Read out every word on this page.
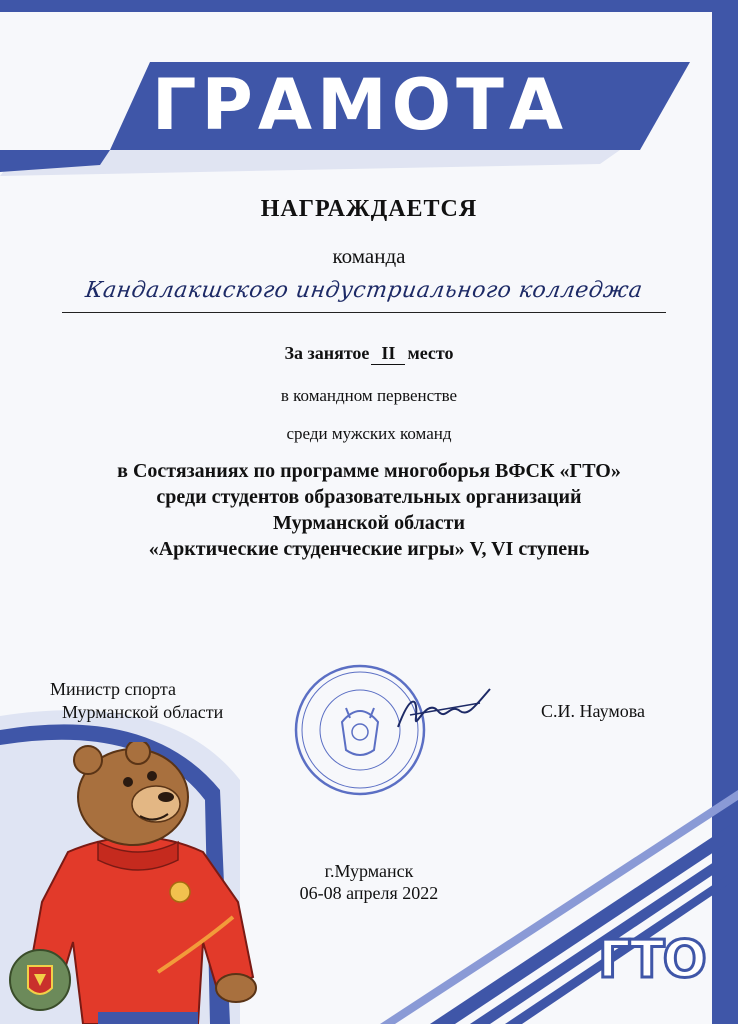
ГРАМОТА
НАГРАЖДАЕТСЯ
команда
Кандалакшского индустриального колледжа
За занятое II место
в командном первенстве
среди мужских команд
в Состязаниях по программе многоборья ВФСК «ГТО»
среди студентов образовательных организаций
Мурманской области
«Арктические студенческие игры» V, VI ступень
Министр спорта
Мурманской области	С.И. Наумова
г.Мурманск
06-08 апреля 2022
ГТО
